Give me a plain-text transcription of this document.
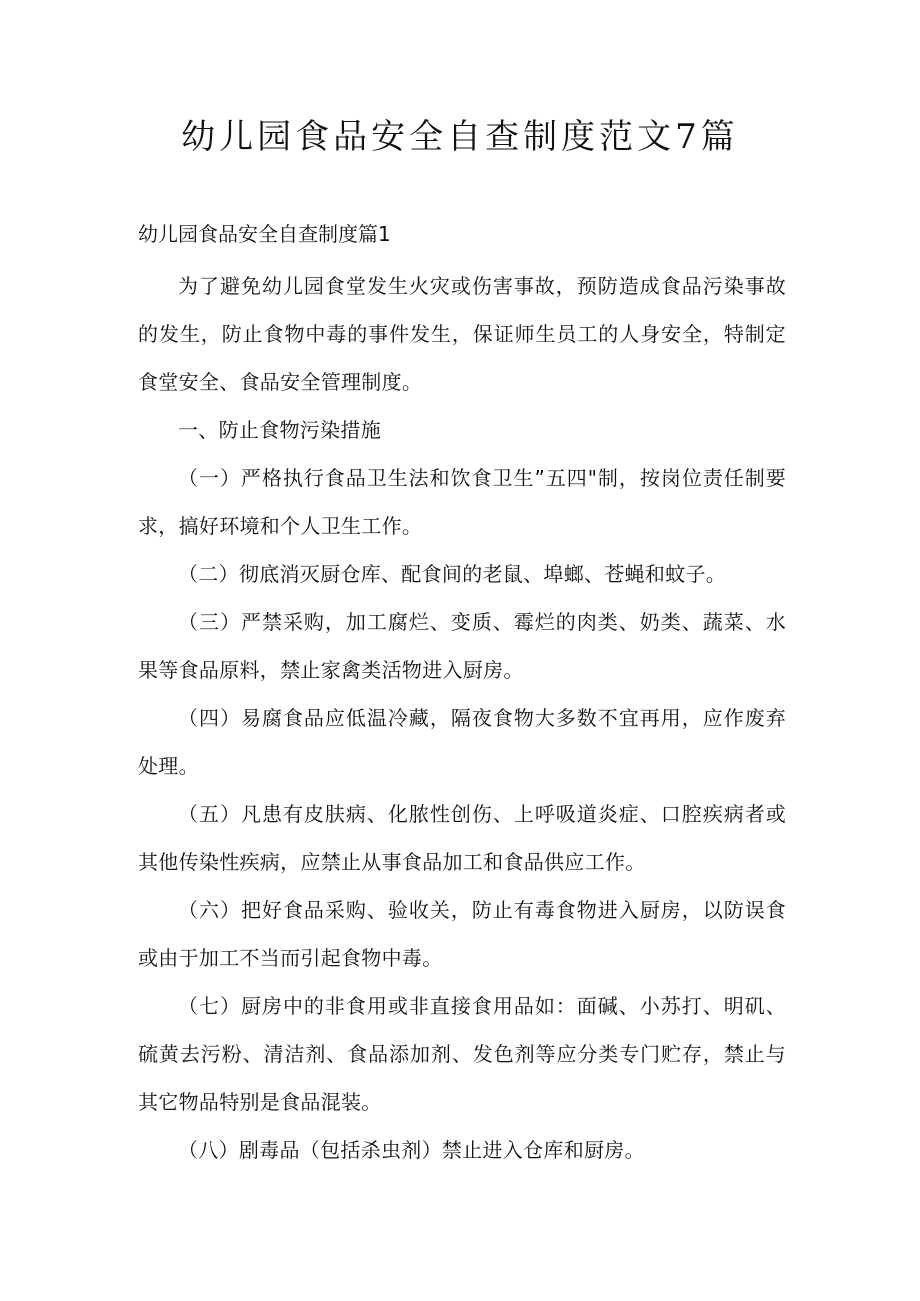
幼儿园食品安全自查制度范文7篇
幼儿园食品安全自查制度篇1

为了避免幼儿园食堂发生火灾或伤害事故，预防造成食品污染事故的发生，防止食物中毒的事件发生，保证师生员工的人身安全，特制定食堂安全、食品安全管理制度。

一、防止食物污染措施

（一）严格执行食品卫生法和饮食卫生”五四"制，按岗位责任制要求，搞好环境和个人卫生工作。

（二）彻底消灭厨仓库、配食间的老鼠、埠螂、苍蝇和蚊子。

（三）严禁采购，加工腐烂、变质、霉烂的肉类、奶类、蔬菜、水果等食品原料，禁止家禽类活物进入厨房。

（四）易腐食品应低温冷藏，隔夜食物大多数不宜再用，应作废弃处理。

（五）凡患有皮肤病、化脓性创伤、上呼吸道炎症、口腔疾病者或其他传染性疾病，应禁止从事食品加工和食品供应工作。

（六）把好食品采购、验收关，防止有毒食物进入厨房，以防误食或由于加工不当而引起食物中毒。

（七）厨房中的非食用或非直接食用品如：面碱、小苏打、明矶、硫黄去污粉、清洁剂、食品添加剂、发色剂等应分类专门贮存，禁止与其它物品特别是食品混装。

（八）剧毒品（包括杀虫剂）禁止进入仓库和厨房。
